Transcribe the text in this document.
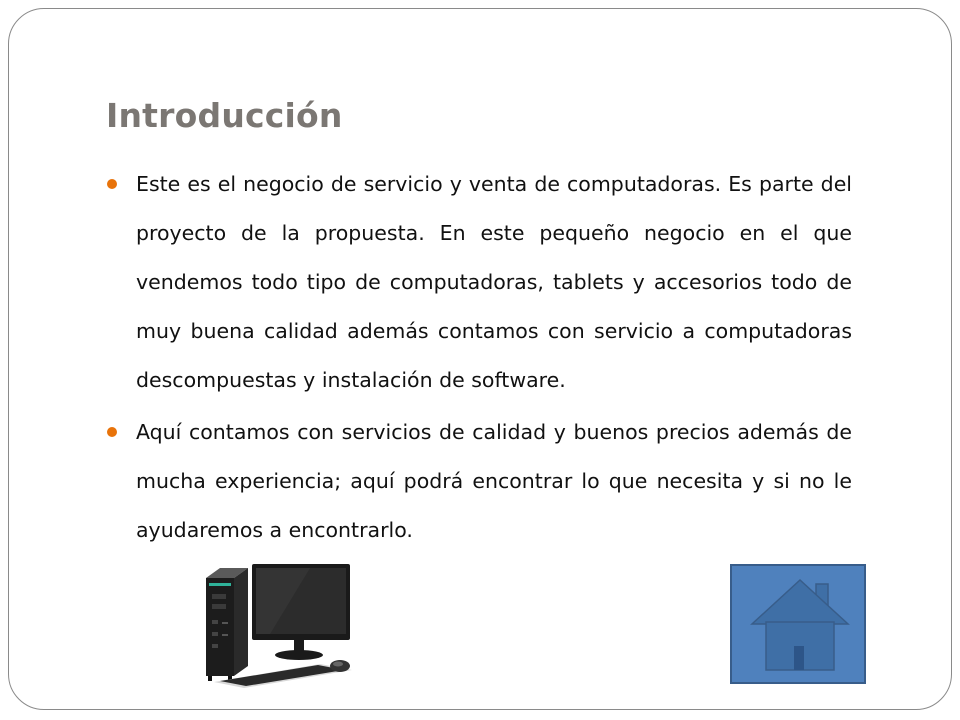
Introducción
Este es el negocio de servicio y venta de computadoras. Es parte del proyecto de la propuesta. En este pequeño negocio en el que vendemos todo tipo de computadoras, tablets y accesorios todo de muy buena calidad además contamos con servicio a computadoras descompuestas y instalación de software.
Aquí contamos con servicios de calidad y buenos precios además de mucha experiencia; aquí podrá encontrar lo que necesita y si no le ayudaremos a encontrarlo.
